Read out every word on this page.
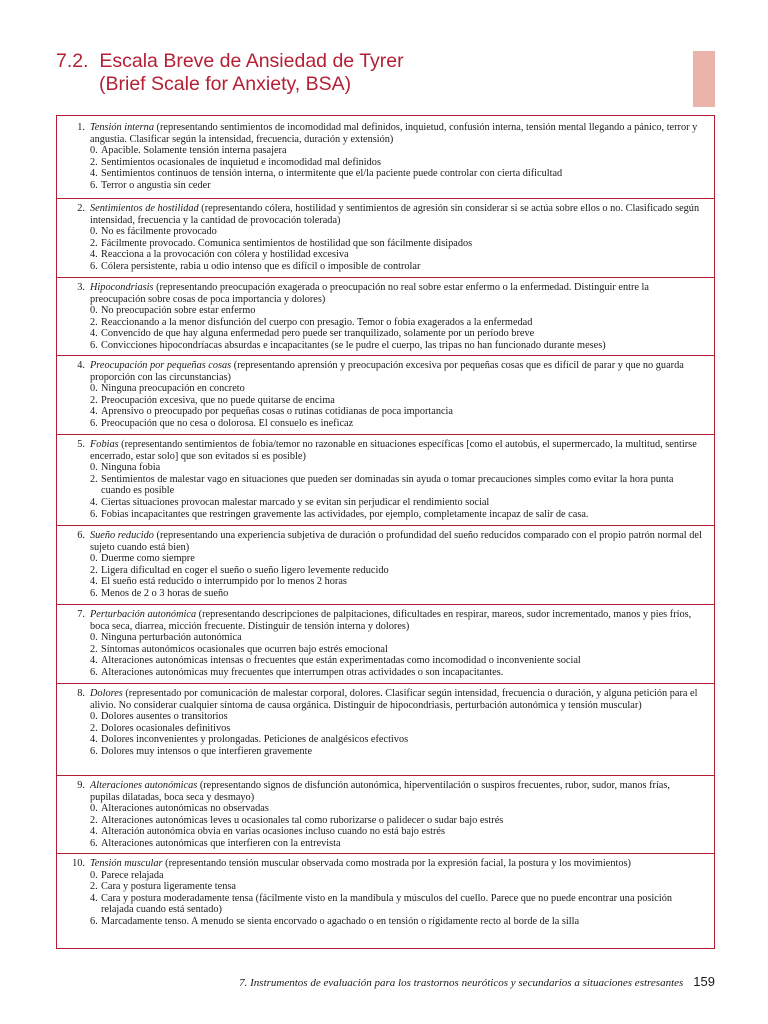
7.2. Escala Breve de Ansiedad de Tyrer

(Brief Scale for Anxiety, BSA)

1. Tensión interna (representando sentimientos de incomodidad mal definidos, inquietud, confusión interna, tensión mental llegando a pánico, terror y angustia. Clasificar según la intensidad, frecuencia, duración y extensión)

0. Apacible. Solamente tensión interna pasajera

2. Sentimientos ocasionales de inquietud e incomodidad mal definidos

4. Sentimientos continuos de tensión interna, o intermitente que el/la paciente puede controlar con cierta dificultad

6. Terror o angustia sin ceder

2. Sentimientos de hostilidad (representando cólera, hostilidad y sentimientos de agresión sin considerar si se actúa sobre ellos o no. Clasificado según intensidad, frecuencia y la cantidad de provocación tolerada)

0. No es fácilmente provocado

2. Fácilmente provocado. Comunica sentimientos de hostilidad que son fácilmente disipados

4. Reacciona a la provocación con cólera y hostilidad excesiva

6. Cólera persistente, rabia u odio intenso que es difícil o imposible de controlar

3. Hipocondriasis (representando preocupación exagerada o preocupación no real sobre estar enfermo o la enfermedad. Distinguir entre la preocupación sobre cosas de poca importancia y dolores)

0. No preocupación sobre estar enfermo

2. Reaccionando a la menor disfunción del cuerpo con presagio. Temor o fobia exagerados a la enfermedad

4. Convencido de que hay alguna enfermedad pero puede ser tranquilizado, solamente por un período breve

6. Convicciones hipocondríacas absurdas e incapacitantes (se le pudre el cuerpo, las tripas no han funcionado durante meses)

4. Preocupación por pequeñas cosas (representando aprensión y preocupación excesiva por pequeñas cosas que es difícil de parar y que no guarda proporción con las circunstancias)

0. Ninguna preocupación en concreto

2. Preocupación excesiva, que no puede quitarse de encima

4. Aprensivo o preocupado por pequeñas cosas o rutinas cotidianas de poca importancia

6. Preocupación que no cesa o dolorosa. El consuelo es ineficaz

5. Fobias (representando sentimientos de fobia/temor no razonable en situaciones específicas [como el autobús, el supermercado, la multitud, sentirse encerrado, estar solo] que son evitados si es posible)

0. Ninguna fobia

2. Sentimientos de malestar vago en situaciones que pueden ser dominadas sin ayuda o tomar precauciones simples como evitar la hora punta cuando es posible

4. Ciertas situaciones provocan malestar marcado y se evitan sin perjudicar el rendimiento social

6. Fobias incapacitantes que restringen gravemente las actividades, por ejemplo, completamente incapaz de salir de casa.

6. Sueño reducido (representando una experiencia subjetiva de duración o profundidad del sueño reducidos comparado con el propio patrón normal del sujeto cuando está bien)

0. Duerme como siempre

2. Ligera dificultad en coger el sueño o sueño ligero levemente reducido

4. El sueño está reducido o interrumpido por lo menos 2 horas

6. Menos de 2 o 3 horas de sueño

7. Perturbación autonómica (representando descripciones de palpitaciones, dificultades en respirar, mareos, sudor incrementado, manos y pies fríos, boca seca, diarrea, micción frecuente. Distinguir de tensión interna y dolores)

0. Ninguna perturbación autonómica

2. Síntomas autonómicos ocasionales que ocurren bajo estrés emocional

4. Alteraciones autonómicas intensas o frecuentes que están experimentadas como incomodidad o inconveniente social

6. Alteraciones autonómicas muy frecuentes que interrumpen otras actividades o son incapacitantes.

8. Dolores (representado por comunicación de malestar corporal, dolores. Clasificar según intensidad, frecuencia o duración, y alguna petición para el alivio. No considerar cualquier síntoma de causa orgánica. Distinguir de hipocondriasis, perturbación autonómica y tensión muscular)

0. Dolores ausentes o transitorios

2. Dolores ocasionales definitivos

4. Dolores inconvenientes y prolongadas. Peticiones de analgésicos efectivos

6. Dolores muy intensos o que interfieren gravemente

9. Alteraciones autonómicas (representando signos de disfunción autonómica, hiperventilación o suspiros frecuentes, rubor, sudor, manos frías, pupilas dilatadas, boca seca y desmayo)

0. Alteraciones autonómicas no observadas

2. Alteraciones autonómicas leves u ocasionales tal como ruborizarse o palidecer o sudar bajo estrés

4. Alteración autonómica obvia en varias ocasiones incluso cuando no está bajo estrés

6. Alteraciones autonómicas que interfieren con la entrevista

10. Tensión muscular (representando tensión muscular observada como mostrada por la expresión facial, la postura y los movimientos)

0. Parece relajada

2. Cara y postura ligeramente tensa

4. Cara y postura moderadamente tensa (fácilmente visto en la mandíbula y músculos del cuello. Parece que no puede encontrar una posición relajada cuando está sentado)

6. Marcadamente tenso. A menudo se sienta encorvado o agachado o en tensión o rígidamente recto al borde de la silla

7. Instrumentos de evaluación para los trastornos neuróticos y secundarios a situaciones estresantes 159
